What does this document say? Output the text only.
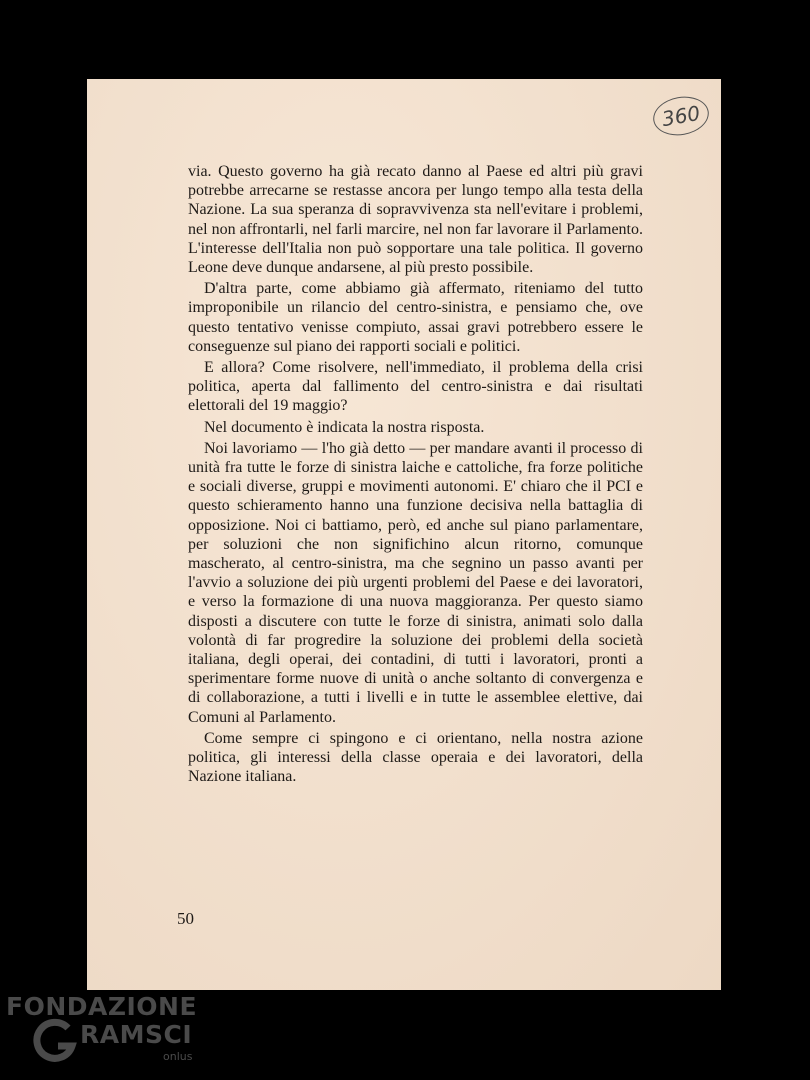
360

via. Questo governo ha già recato danno al Paese ed altri più gravi potrebbe arrecarne se restasse ancora per lungo tempo alla testa della Nazione. La sua speranza di sopravvivenza sta nell'evitare i problemi, nel non affrontarli, nel farli marcire, nel non far lavorare il Parlamento. L'interesse dell'Italia non può sopportare una tale politica. Il governo Leone deve dunque andarsene, al più presto possibile.

D'altra parte, come abbiamo già affermato, riteniamo del tutto improponibile un rilancio del centro-sinistra, e pensiamo che, ove questo tentativo venisse compiuto, assai gravi potrebbero essere le conseguenze sul piano dei rapporti sociali e politici.

E allora? Come risolvere, nell'immediato, il problema della crisi politica, aperta dal fallimento del centro-sinistra e dai risultati elettorali del 19 maggio?

Nel documento è indicata la nostra risposta.

Noi lavoriamo — l'ho già detto — per mandare avanti il processo di unità fra tutte le forze di sinistra laiche e cattoliche, fra forze politiche e sociali diverse, gruppi e movimenti autonomi. E' chiaro che il PCI e questo schieramento hanno una funzione decisiva nella battaglia di opposizione. Noi ci battiamo, però, ed anche sul piano parlamentare, per soluzioni che non significhino alcun ritorno, comunque mascherato, al centro-sinistra, ma che segnino un passo avanti per l'avvio a soluzione dei più urgenti problemi del Paese e dei lavoratori, e verso la formazione di una nuova maggioranza. Per questo siamo disposti a discutere con tutte le forze di sinistra, animati solo dalla volontà di far progredire la soluzione dei problemi della società italiana, degli operai, dei contadini, di tutti i lavoratori, pronti a sperimentare forme nuove di unità o anche soltanto di convergenza e di collaborazione, a tutti i livelli e in tutte le assemblee elettive, dai Comuni al Parlamento.

Come sempre ci spingono e ci orientano, nella nostra azione politica, gli interessi della classe operaia e dei lavoratori, della Nazione italiana.

50
FONDAZIONE
RAMSCI
onlus
